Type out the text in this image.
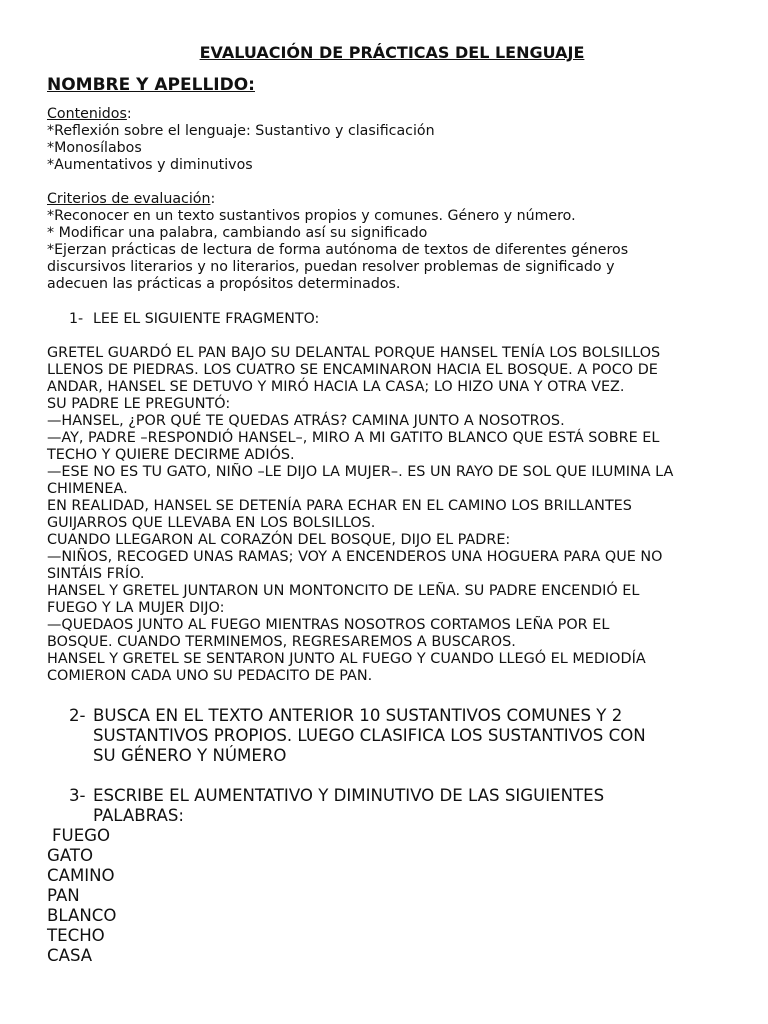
EVALUACIÓN DE PRÁCTICAS DEL LENGUAJE
NOMBRE Y APELLIDO:
Contenidos:
*Reflexión sobre el lenguaje: Sustantivo y clasificación
*Monosílabos
*Aumentativos y diminutivos
Criterios de evaluación:
*Reconocer en un texto sustantivos propios y comunes. Género y número.
* Modificar una palabra, cambiando así su significado
*Ejerzan prácticas de lectura de forma autónoma de textos de diferentes géneros
discursivos literarios y no literarios, puedan resolver problemas de significado y
adecuen las prácticas a propósitos determinados.
1- LEE EL SIGUIENTE FRAGMENTO:
GRETEL GUARDÓ EL PAN BAJO SU DELANTAL PORQUE HANSEL TENÍA LOS BOLSILLOS
LLENOS DE PIEDRAS. LOS CUATRO SE ENCAMINARON HACIA EL BOSQUE. A POCO DE
ANDAR, HANSEL SE DETUVO Y MIRÓ HACIA LA CASA; LO HIZO UNA Y OTRA VEZ.
SU PADRE LE PREGUNTÓ:
—HANSEL, ¿POR QUÉ TE QUEDAS ATRÁS? CAMINA JUNTO A NOSOTROS.
—AY, PADRE –RESPONDIÓ HANSEL–, MIRO A MI GATITO BLANCO QUE ESTÁ SOBRE EL
TECHO Y QUIERE DECIRME ADIÓS.
—ESE NO ES TU GATO, NIÑO –LE DIJO LA MUJER–. ES UN RAYO DE SOL QUE ILUMINA LA
CHIMENEA.
EN REALIDAD, HANSEL SE DETENÍA PARA ECHAR EN EL CAMINO LOS BRILLANTES
GUIJARROS QUE LLEVABA EN LOS BOLSILLOS.
CUANDO LLEGARON AL CORAZÓN DEL BOSQUE, DIJO EL PADRE:
—NIÑOS, RECOGED UNAS RAMAS; VOY A ENCENDEROS UNA HOGUERA PARA QUE NO
SINTÁIS FRÍO.
HANSEL Y GRETEL JUNTARON UN MONTONCITO DE LEÑA. SU PADRE ENCENDIÓ EL
FUEGO Y LA MUJER DIJO:
—QUEDAOS JUNTO AL FUEGO MIENTRAS NOSOTROS CORTAMOS LEÑA POR EL
BOSQUE. CUANDO TERMINEMOS, REGRESAREMOS A BUSCAROS.
HANSEL Y GRETEL SE SENTARON JUNTO AL FUEGO Y CUANDO LLEGÓ EL MEDIODÍA
COMIERON CADA UNO SU PEDACITO DE PAN.
2- BUSCA EN EL TEXTO ANTERIOR 10 SUSTANTIVOS COMUNES Y 2
SUSTANTIVOS PROPIOS. LUEGO CLASIFICA LOS SUSTANTIVOS CON
SU GÉNERO Y NÚMERO
3- ESCRIBE EL AUMENTATIVO Y DIMINUTIVO DE LAS SIGUIENTES
PALABRAS:
FUEGO
GATO
CAMINO
PAN
BLANCO
TECHO
CASA
